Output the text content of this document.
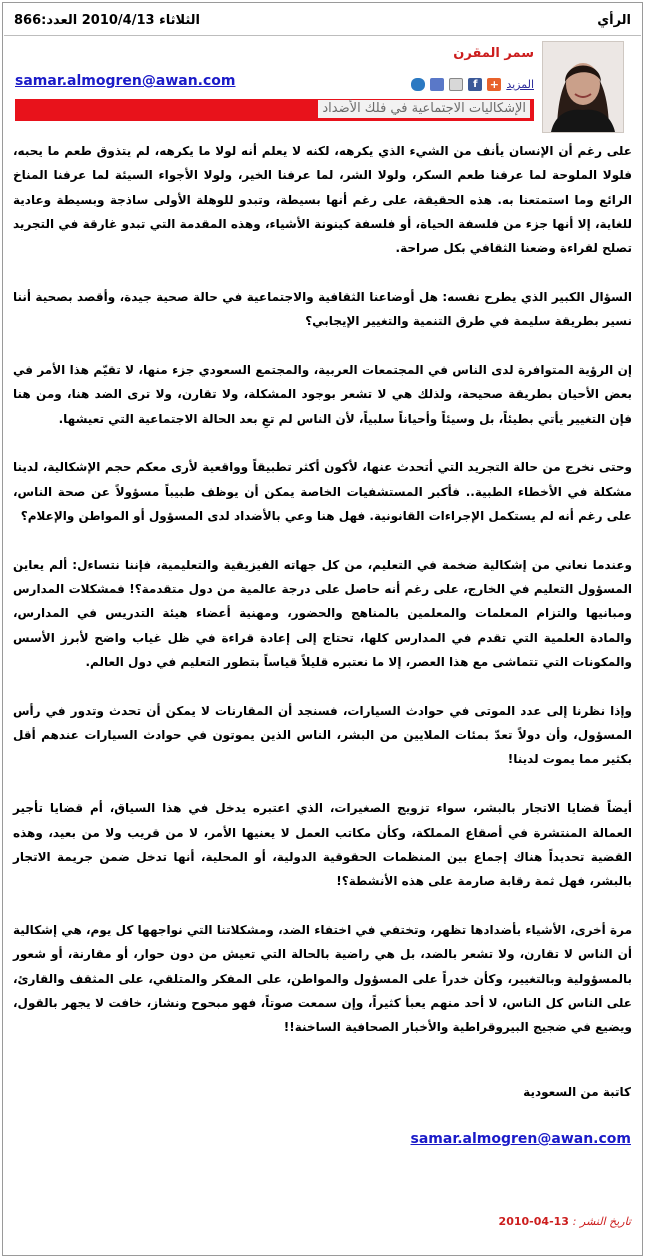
الرأي
الثلاثاء 2010/4/13 العدد:866
سمر المقرن
المزيد
+
f
samar.almogren@awan.com
الإشكاليات الاجتماعية في فلك الأضداد

على رغم أن الإنسان يأنف من الشيء الذي يكرهه، لكنه لا يعلم أنه لولا ما يكرهه، لم يتذوق طعم ما يحبه، فلولا الملوحة لما عرفنا طعم السكر، ولولا الشر، لما عرفنا الخير، ولولا الأجواء السيئة لما عرفنا المناخ الرائع وما استمتعنا به. هذه الحقيقة، على رغم أنها بسيطة، وتبدو للوهلة الأولى ساذجة وبسيطة وعادية للغاية، إلا أنها جزء من فلسفة الحياة، أو فلسفة كينونة الأشياء، وهذه المقدمة التي تبدو غارقة في التجريد تصلح لقراءة وضعنا الثقافي بكل صراحة.

السؤال الكبير الذي يطرح نفسه: هل أوضاعنا الثقافية والاجتماعية في حالة صحية جيدة، وأقصد بصحية أننا نسير بطريقة سليمة في طرق التنمية والتغيير الإيجابي؟

إن الرؤية المتوافرة لدى الناس في المجتمعات العربية، والمجتمع السعودي جزء منها، لا تقيّم هذا الأمر في بعض الأحيان بطريقة صحيحة، ولذلك هي لا تشعر بوجود المشكلة، ولا تقارن، ولا ترى الضد هنا، ومن هنا فإن التغيير يأتي بطيئاً، بل وسيئاً وأحياناً سلبياً، لأن الناس لم تعِ بعد الحالة الاجتماعية التي تعيشها.

وحتى نخرج من حالة التجريد التي أتحدث عنها، لأكون أكثر تطبيقاً وواقعية لأرى معكم حجم الإشكالية، لدينا مشكلة في الأخطاء الطبية.. فأكبر المستشفيات الخاصة يمكن أن يوظف طبيباً مسؤولاً عن صحة الناس، على رغم أنه لم يستكمل الإجراءات القانونية. فهل هنا وعي بالأضداد لدى المسؤول أو المواطن والإعلام؟

وعندما نعاني من إشكالية ضخمة في التعليم، من كل جهاته الفيزيقية والتعليمية، فإننا نتساءل: ألم يعاين المسؤول التعليم في الخارج، على رغم أنه حاصل على درجة عالمية من دول متقدمة؟! فمشكلات المدارس ومبانيها والتزام المعلمات والمعلمين بالمناهج والحضور، ومهنية أعضاء هيئة التدريس في المدارس، والمادة العلمية التي تقدم في المدارس كلها، تحتاج إلى إعادة قراءة في ظل غياب واضح لأبرز الأسس والمكونات التي تتماشى مع هذا العصر، إلا ما نعتبره قليلاً قياساً بتطور التعليم في دول العالم.

وإذا نظرنا إلى عدد الموتى في حوادث السيارات، فسنجد أن المقارنات لا يمكن أن تحدث وتدور في رأس المسؤول، وأن دولاً تعدّ بمئات الملايين من البشر، الناس الذين يموتون في حوادث السيارات عندهم أقل بكثير مما يموت لدينا!

أيضاً قضايا الاتجار بالبشر، سواء تزويج الصغيرات، الذي اعتبره يدخل في هذا السياق، أم قضايا تأجير العمالة المنتشرة في أصقاع المملكة، وكأن مكاتب العمل لا يعنيها الأمر، لا من قريب ولا من بعيد، وهذه القضية تحديداً هناك إجماع بين المنظمات الحقوقية الدولية، أو المحلية، أنها تدخل ضمن جريمة الاتجار بالبشر، فهل ثمة رقابة صارمة على هذه الأنشطة؟!

مرة أخرى، الأشياء بأضدادها تظهر، وتختفي في اختفاء الضد، ومشكلاتنا التي نواجهها كل يوم، هي إشكالية أن الناس لا تقارن، ولا تشعر بالضد، بل هي راضية بالحالة التي تعيش من دون حوار، أو مقارنة، أو شعور بالمسؤولية وبالتغيير، وكأن خدراً على المسؤول والمواطن، على المفكر والمتلقي، على المثقف والقارئ، على الناس كل الناس، لا أحد منهم يعبأ كثيراً، وإن سمعت صوتاً، فهو مبحوح ونشاز، خافت لا يجهر بالقول، ويضيع في ضجيج البيروقراطية والأخبار الصحافية الساخنة!!

كاتبة من السعودية
samar.almogren@awan.com
تاريخ النشر : 13-04-2010
